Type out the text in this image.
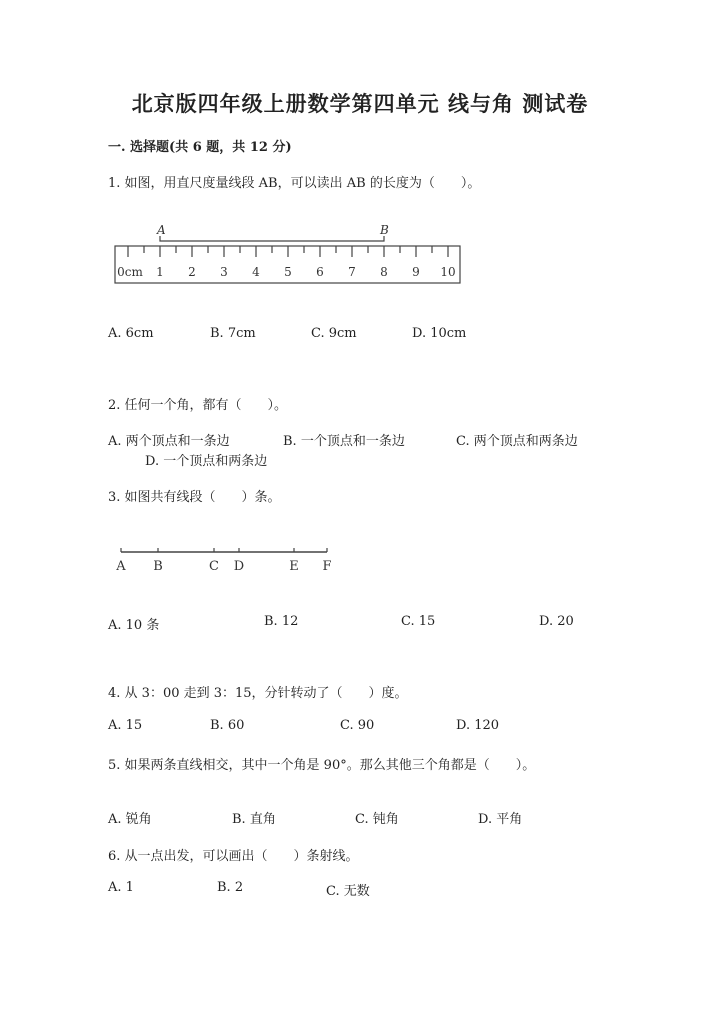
北京版四年级上册数学第四单元 线与角 测试卷
一. 选择题(共 6 题，共 12 分)
1. 如图，用直尺度量线段 AB，可以读出 AB 的长度为（　　）。
0cm 1 2 3 4 5 6 7 8 9 10
A	B
A B	C D	E F
A. 6cm	B. 7cm	C. 9cm	D. 10cm
2. 任何一个角，都有（　　）。
A. 两个顶点和一条边	B. 一个顶点和一条边	C. 两个顶点和两条边
D. 一个顶点和两条边
3. 如图共有线段（　　）条。
A. 10 条	B. 12	C. 15	D. 20
4. 从 3：00 走到 3：15，分针转动了（　　）度。
A. 15	B. 60	C. 90	D. 120
5. 如果两条直线相交，其中一个角是 90°。那么其他三个角都是（　　）。
A. 锐角	B. 直角	C. 钝角	D. 平角
6. 从一点出发，可以画出（　　）条射线。
A. 1	B. 2	C. 无数
